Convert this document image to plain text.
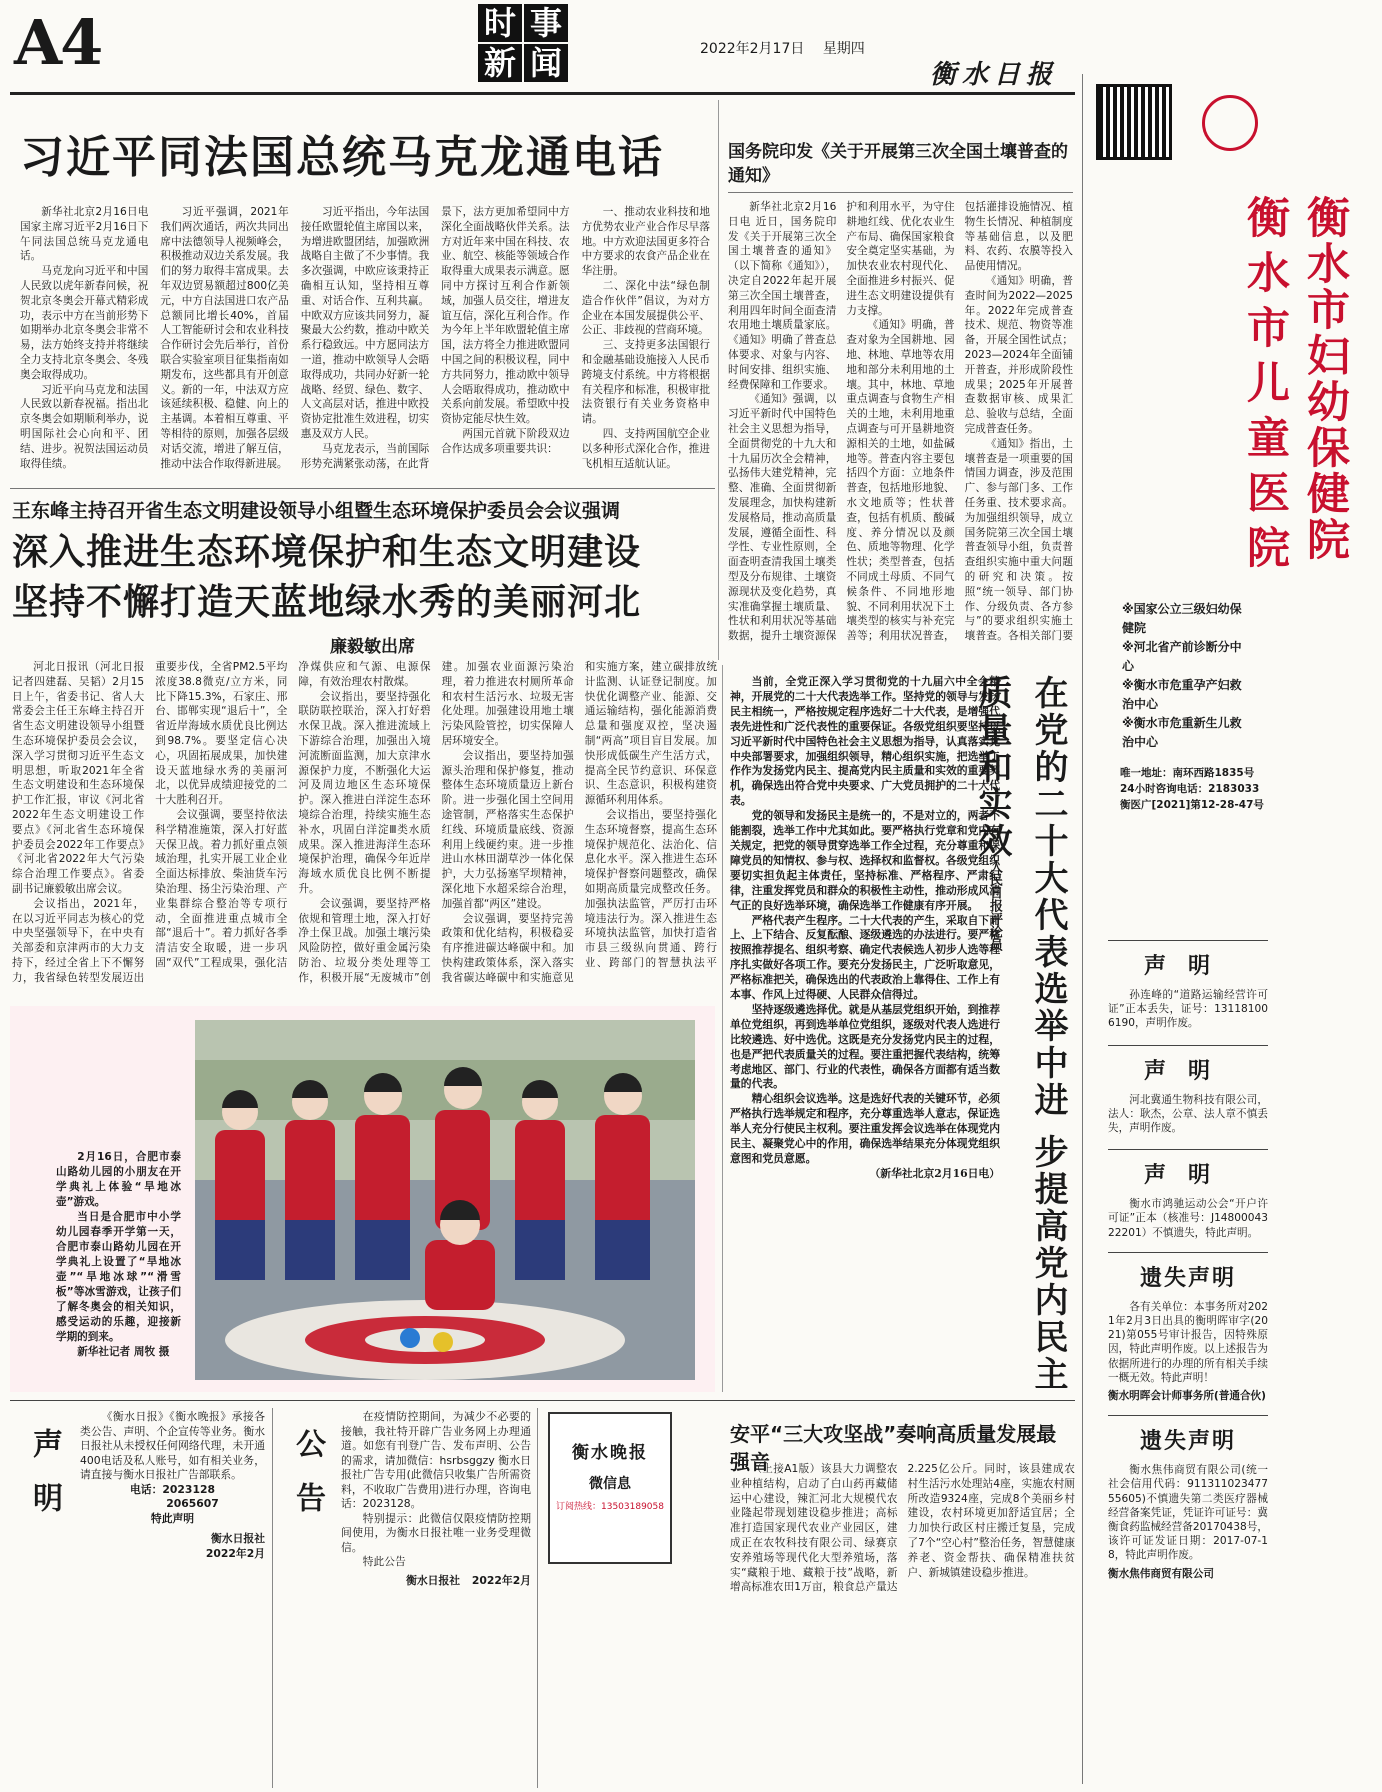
A4	时 事
新 闻	2022年2月17日 星期四
衡水日报
习近平同法国总统马克龙通电话

新华社北京2月16日电 国家主席习近平2月16日下午同法国总统马克龙通电话。

马克龙向习近平和中国人民致以虎年新春问候，祝贺北京冬奥会开幕式精彩成功，表示中方在当前形势下如期举办北京冬奥会非常不易，法方始终支持并将继续全力支持北京冬奥会、冬残奥会取得成功。

习近平向马克龙和法国人民致以新春祝福。指出北京冬奥会如期顺利举办，说明国际社会心向和平、团结、进步。祝贺法国运动员取得佳绩。

习近平强调，2021年我们两次通话，两次共同出席中法德领导人视频峰会，积极推动双边关系发展。我们的努力取得丰富成果。去年双边贸易额超过800亿美元，中方自法国进口农产品总额同比增长40%，首届人工智能研讨会和农业科技合作研讨会先后举行，首份联合实验室项目征集指南如期发布，这些都具有开创意义。新的一年，中法双方应该延续积极、稳健、向上的主基调。本着相互尊重、平等相待的原则，加强各层级对话交流，增进了解互信，推动中法合作取得新进展。

习近平指出，今年法国接任欧盟轮值主席国以来，为增进欧盟团结，加强欧洲战略自主做了不少事情。我多次强调，中欧应该秉持正确相互认知，坚持相互尊重、对话合作、互利共赢。中欧双方应该共同努力，凝聚最大公约数，推动中欧关系行稳致远。中方愿同法方一道，推动中欧领导人会晤取得成功，共同办好新一轮战略、经贸、绿色、数字、人文高层对话，推进中欧投资协定批准生效进程，切实惠及双方人民。

马克龙表示，当前国际形势充满紧张动荡，在此背景下，法方更加希望同中方深化全面战略伙伴关系。法方对近年来中国在科技、农业、航空、核能等领域合作取得重大成果表示满意。愿同中方探讨互利合作新领域，加强人员交往，增进友谊互信，深化互利合作。作为今年上半年欧盟轮值主席国，法方将全力推进欧盟同中国之间的积极议程，同中方共同努力，推动欧中领导人会晤取得成功，推动欧中关系向前发展。希望欧中投资协定能尽快生效。

两国元首就下阶段双边合作达成多项重要共识：

一、推动农业科技和地方优势农业产业合作尽早落地。中方欢迎法国更多符合中方要求的农食产品企业在华注册。

二、深化中法“绿色制造合作伙伴”倡议，为对方企业在本国发展提供公平、公正、非歧视的营商环境。

三、支持更多法国银行和金融基础设施接入人民币跨境支付系统。中方将根据有关程序和标准，积极审批法资银行有关业务资格申请。

四、支持两国航空企业以多种形式深化合作，推进飞机相互适航认证。

国务院印发《关于开展第三次全国土壤普查的通知》

新华社北京2月16日电 近日，国务院印发《关于开展第三次全国土壤普查的通知》（以下简称《通知》），决定自2022年起开展第三次全国土壤普查，利用四年时间全面查清农用地土壤质量家底。《通知》明确了普查总体要求、对象与内容、时间安排、组织实施、经费保障和工作要求。

《通知》强调，以习近平新时代中国特色社会主义思想为指导，全面贯彻党的十九大和十九届历次全会精神，弘扬伟大建党精神，完整、准确、全面贯彻新发展理念，加快构建新发展格局，推动高质量发展，遵循全面性、科学性、专业性原则，全面查明查清我国土壤类型及分布规律、土壤资源现状及变化趋势，真实准确掌握土壤质量、性状和利用状况等基础数据，提升土壤资源保护和利用水平，为守住耕地红线、优化农业生产布局、确保国家粮食安全奠定坚实基础，为加快农业农村现代化、全面推进乡村振兴、促进生态文明建设提供有力支撑。

《通知》明确，普查对象为全国耕地、园地、林地、草地等农用地和部分未利用地的土壤。其中，林地、草地重点调查与食物生产相关的土地，未利用地重点调查与可开垦耕地资源相关的土地，如盐碱地等。普查内容主要包括四个方面：立地条件普查，包括地形地貌、水文地质等；性状普查，包括有机质、酸碱度、养分情况以及颜色、质地等物理、化学性状；类型普查，包括不同成土母质、不同气候条件、不同地形地貌、不同利用状况下土壤类型的核实与补充完善等；利用状况普查，包括灌排设施情况、植物生长情况、种植制度等基础信息，以及肥料、农药、农膜等投入品使用情况。

《通知》明确，普查时间为2022—2025年。2022年完成普查技术、规范、物资等准备，开展全国性试点；2023—2024年全面铺开普查，并形成阶段性成果；2025年开展普查数据审核、成果汇总、验收与总结，全面完成普查任务。

《通知》指出，土壤普查是一项重要的国情国力调查，涉及范围广、参与部门多、工作任务重、技术要求高。为加强组织领导，成立国务院第三次全国土壤普查领导小组，负责普查组织实施中重大问题的研究和决策。按照“统一领导、部门协作、分级负责、各方参与”的要求组织实施土壤普查。各相关部门要

王东峰主持召开省生态文明建设领导小组暨生态环境保护委员会会议强调
深入推进生态环境保护和生态文明建设
坚持不懈打造天蓝地绿水秀的美丽河北
廉毅敏出席

河北日报讯（河北日报记者四建磊、吴韬）2月15日上午，省委书记、省人大常委会主任王东峰主持召开省生态文明建设领导小组暨生态环境保护委员会会议，深入学习贯彻习近平生态文明思想，听取2021年全省生态文明建设和生态环境保护工作汇报，审议《河北省2022年生态文明建设工作要点》《河北省生态环境保护委员会2022年工作要点》《河北省2022年大气污染综合治理工作要点》。省委副书记廉毅敏出席会议。

会议指出，2021年，在以习近平同志为核心的党中央坚强领导下，在中央有关部委和京津两市的大力支持下，经过全省上下不懈努力，我省绿色转型发展迈出重要步伐，全省PM2.5平均浓度38.8微克/立方米，同比下降15.3%，石家庄、邢台、邯郸实现“退后十”，全省近岸海域水质优良比例达到98.7%。要坚定信心决心，巩固拓展成果，加快建设天蓝地绿水秀的美丽河北，以优异成绩迎接党的二十大胜利召开。

会议强调，要坚持依法科学精准施策，深入打好蓝天保卫战。着力抓好重点领域治理，扎实开展工业企业全面达标排放、柴油货车污染治理、扬尘污染治理、产业集群综合整治等专项行动，全面推进重点城市全部“退后十”。着力抓好各季清洁安全取暖，进一步巩固“双代”工程成果，强化洁净煤供应和气源、电源保障，有效治理农村散煤。

会议指出，要坚持强化联防联控联治，深入打好碧水保卫战。深入推进流域上下游综合治理，加强出入境河流断面监测，加大京津水源保护力度，不断强化大运河及周边地区生态环境保护。深入推进白洋淀生态环境综合治理，持续实施生态补水，巩固白洋淀Ⅲ类水质成果。深入推进海洋生态环境保护治理，确保今年近岸海域水质优良比例不断提升。

会议强调，要坚持严格依规和管理土地，深入打好净土保卫战。加强土壤污染风险防控，做好重金属污染防治、垃圾分类处理等工作，积极开展“无废城市”创建。加强农业面源污染治理，着力推进农村厕所革命和农村生活污水、垃圾无害化处理。加强建设用地土壤污染风险管控，切实保障人居环境安全。

会议指出，要坚持加强源头治理和保护修复，推动整体生态环境质量迈上新台阶。进一步强化国土空间用途管制，严格落实生态保护红线、环境质量底线、资源利用上线硬约束。进一步推进山水林田湖草沙一体化保护，大力弘扬塞罕坝精神，深化地下水超采综合治理，加强首都“两区”建设。

会议强调，要坚持完善政策和优化结构，积极稳妥有序推进碳达峰碳中和。加快构建政策体系，深入落实我省碳达峰碳中和实施意见和实施方案，建立碳排放统计监测、认证登记制度。加快优化调整产业、能源、交通运输结构，强化能源消费总量和强度双控，坚决遏制“两高”项目盲目发展。加快形成低碳生产生活方式，提高全民节约意识、环保意识、生态意识，积极构建资源循环利用体系。

会议指出，要坚持强化生态环境督察，提高生态环境保护规范化、法治化、信息化水平。深入推进生态环境保护督察问题整改，确保如期高质量完成整改任务。加强执法监管，严厉打击环境违法行为。深入推进生态环境执法监管，加快打造省市县三级纵向贯通、跨行业、跨部门的智慧执法平

2月16日，合肥市泰山路幼儿园的小朋友在开学典礼上体验“旱地冰壶”游戏。

当日是合肥市中小学幼儿园春季开学第一天，合肥市泰山路幼儿园在开学典礼上设置了“旱地冰壶”“旱地冰球”“滑雪板”等冰雪游戏，让孩子们了解冬奥会的相关知识，感受运动的乐趣，迎接新学期的到来。

新华社记者 周牧 摄

当前，全党正深入学习贯彻党的十九届六中全会精神，开展党的二十大代表选举工作。坚持党的领导与发扬民主相统一，严格按规定程序选好二十大代表，是增强代表先进性和广泛代表性的重要保证。各级党组织要坚持以习近平新时代中国特色社会主义思想为指导，认真落实党中央部署要求，加强组织领导，精心组织实施，把选举工作作为发扬党内民主、提高党内民主质量和实效的重要契机，确保选出符合党中央要求、广大党员拥护的二十大代表。

党的领导和发扬民主是统一的，不是对立的，两者不能割裂，选举工作中尤其如此。要严格执行党章和党内有关规定，把党的领导贯穿选举工作全过程，充分尊重和保障党员的知情权、参与权、选择权和监督权。各级党组织要切实担负起主体责任，坚持标准、严格程序、严肃纪律，注重发挥党员和群众的积极性主动性，推动形成风清气正的良好选举环境，确保选举工作健康有序开展。

严格代表产生程序。二十大代表的产生，采取自下而上、上下结合、反复酝酿、逐级遴选的办法进行。要严格按照推荐提名、组织考察、确定代表候选人初步人选等程序扎实做好各项工作。要充分发扬民主，广泛听取意见，严格标准把关，确保选出的代表政治上靠得住、工作上有本事、作风上过得硬、人民群众信得过。

坚持逐级遴选择优。就是从基层党组织开始，到推荐单位党组织，再到选举单位党组织，逐级对代表人选进行比较遴选、好中选优。这既是充分发扬党内民主的过程，也是严把代表质量关的过程。要注重把握代表结构，统筹考虑地区、部门、行业的代表性，确保各方面都有适当数量的代表。

精心组织会议选举。这是选好代表的关键环节，必须严格执行选举规定和程序，充分尊重选举人意志，保证选举人充分行使民主权利。要注重发挥会议选举在体现党内民主、凝聚党心中的作用，确保选举结果充分体现党组织意图和党员意愿。

（新华社北京2月16日电） 在党的二十大代表选举中进 步提高党内民主质量和实效
人民日报评论员
衡水市妇幼保健院
衡水市儿童医院
※国家公立三级妇幼保健院
※河北省产前诊断分中心
※衡水市危重孕产妇救治中心
※衡水市危重新生儿救治中心
唯一地址：南环西路1835号
24小时咨询电话：2183033
衡医广[2021]第12-28-47号
声明
孙连峰的“道路运输经营许可证”正本丢失，证号：131181006190，声明作废。
声明
河北冀通生物科技有限公司，法人：耿杰，公章、法人章不慎丢失，声明作废。
声明
衡水市鸿驰运动公会“开户许可证”正本（核准号：J1480004322201）不慎遗失，特此声明。
遗失声明
各有关单位：本事务所对2021年2月3日出具的衡明晖审字(2021)第055号审计报告，因特殊原因，特此声明作废。以上述报告为依据所进行的办理的所有相关手续一概无效。特此声明！
衡水明晖会计师事务所(普通合伙)
遗失声明
衡水焦伟商贸有限公司(统一社会信用代码：91131102347755605)不慎遗失第二类医疗器械经营备案凭证，凭证许可证号：冀衡食药监械经营备20170438号，该许可证发证日期：2017-07-18，特此声明作废。
衡水焦伟商贸有限公司
声明
《衡水日报》《衡水晚报》承接各类公告、声明、个企宣传等业务。衡水日报社从未授权任何网络代理，未开通400电话及私人账号，如有相关业务，请直接与衡水日报社广告部联系。
电话：2023128
2065607
特此声明
衡水日报社
2022年2月
公告
在疫情防控期间，为减少不必要的接触，我社特开辟广告业务网上办理通道。如您有刊登广告、发布声明、公告的需求，请加微信：hsrbsggzy 衡水日报社广告专用(此微信只收集广告所需资料，不收取广告费用)进行办理，咨询电话：2023128。
特别提示：此微信仅限疫情防控期间使用，为衡水日报社唯一业务受理微信。
特此公告
衡水日报社 2022年2月
衡水晚报
微信息
订阅热线：13503189058
安平“三大攻坚战”奏响高质量发展最强音

（上接A1版）该县大力调整农业种植结构，启动了白山药再藏储运中心建设，辣汇河北大规模代农业隆起带现划建设稳步推进；高标准打造国家现代农业产业园区，建成正在农牧科技有限公司、绿赛京安养殖场等现代化大型养殖场，落实“藏粮于地、藏粮于技”战略，新增高标准农田1万亩，粮食总产量达2.225亿公斤。同时，该县建成农村生活污水处理站4座，实施农村厕所改造9324座，完成8个美丽乡村建设，农村环境更加舒适宜居；全力加快行政区村庄搬迁复垦，完成了7个“空心村”整治任务，智慧健康养老、资金帮扶、确保精准扶贫户、新城镇建设稳步推进。
